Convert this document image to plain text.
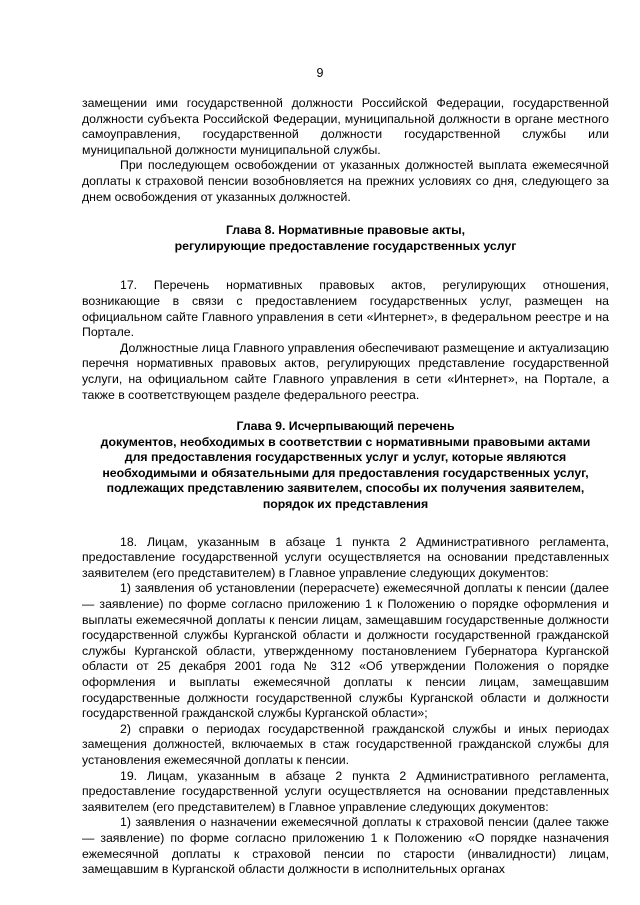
9

замещении ими государственной должности Российской Федерации, государственной должности субъекта Российской Федерации, муниципальной должности в органе местного самоуправления, государственной должности государственной службы или муниципальной должности муниципальной службы.

При последующем освобождении от указанных должностей выплата ежемесячной доплаты к страховой пенсии возобновляется на прежних условиях со дня, следующего за днем освобождения от указанных должностей.

Глава 8. Нормативные правовые акты,
регулирующие предоставление государственных услуг

17. Перечень нормативных правовых актов, регулирующих отношения, возникающие в связи с предоставлением государственных услуг, размещен на официальном сайте Главного управления в сети «Интернет», в федеральном реестре и на Портале.

Должностные лица Главного управления обеспечивают размещение и актуализацию перечня нормативных правовых актов, регулирующих представление государственной услуги, на официальном сайте Главного управления в сети «Интернет», на Портале, а также в соответствующем разделе федерального реестра.

Глава 9. Исчерпывающий перечень
документов, необходимых в соответствии с нормативными правовыми актами
для предоставления государственных услуг и услуг, которые являются
необходимыми и обязательными для предоставления государственных услуг,
подлежащих представлению заявителем, способы их получения заявителем,
порядок их представления

18. Лицам, указанным в абзаце 1 пункта 2 Административного регламента, предоставление государственной услуги осуществляется на основании представленных заявителем (его представителем) в Главное управление следующих документов:

1) заявления об установлении (перерасчете) ежемесячной доплаты к пенсии (далее — заявление) по форме согласно приложению 1 к Положению о порядке оформления и выплаты ежемесячной доплаты к пенсии лицам, замещавшим государственные должности государственной службы Курганской области и должности государственной гражданской службы Курганской области, утвержденному постановлением Губернатора Курганской области от 25 декабря 2001 года № 312 «Об утверждении Положения о порядке оформления и выплаты ежемесячной доплаты к пенсии лицам, замещавшим государственные должности государственной службы Курганской области и должности государственной гражданской службы Курганской области»;

2) справки о периодах государственной гражданской службы и иных периодах замещения должностей, включаемых в стаж государственной гражданской службы для установления ежемесячной доплаты к пенсии.

19. Лицам, указанным в абзаце 2 пункта 2 Административного регламента, предоставление государственной услуги осуществляется на основании представленных заявителем (его представителем) в Главное управление следующих документов:

1) заявления о назначении ежемесячной доплаты к страховой пенсии (далее также — заявление) по форме согласно приложению 1 к Положению «О порядке назначения ежемесячной доплаты к страховой пенсии по старости (инвалидности) лицам, замещавшим в Курганской области должности в исполнительных органах
